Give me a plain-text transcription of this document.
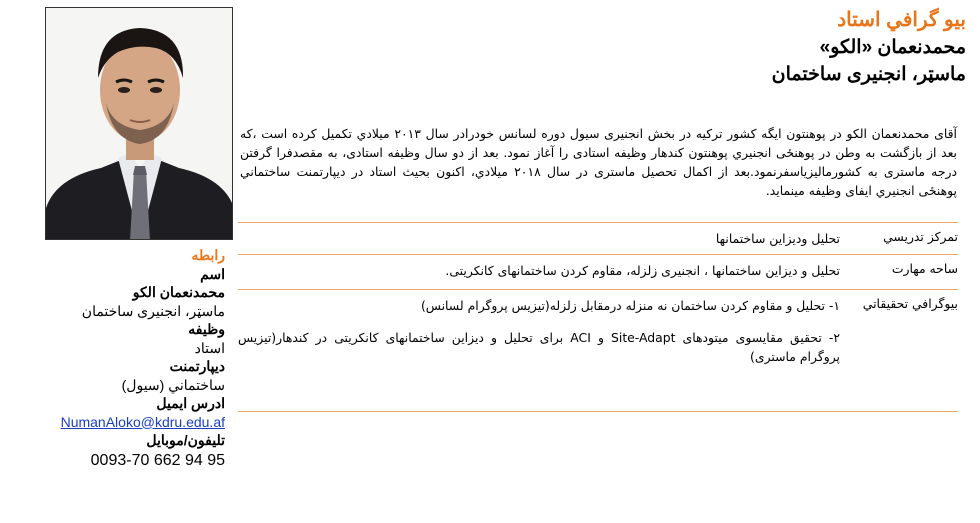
رابطه
اسم
محمدنعمان الکو
ماسټر، انجنیری ساختمان
وظیفه
استاد
دیپارتمنت
ساختماني (سیول)
ادرس ایمیل
NumanAloko@kdru.edu.af
تلیفون/موبایل
0093-70 662 94 95
بيو گرافي استاد
محمدنعمان «الکو»
ماسټر، انجنیری ساختمان
آقای محمدنعمان الکو در پوهنتون ایگه کشور ترکیه در بخش انجنیری سیول دوره لسانس خودرادر سال ۲۰۱۳ میلادي تکمیل کرده است ،که بعد از بازگشت به وطن در پوهنځی انجنیري پوهنتون کندهار وظیفه استادی را آغاز نمود. بعد از دو سال وظیفه استادی، به مقصدفرا گرفتن درجه ماستری به کشورمالیزیاسفرنمود.بعد از اکمال تحصیل ماستری در سال ۲۰۱۸ میلادي، اکنون بحیث استاد در دیپارتمنت ساختماني پوهنځی انجنیري ایفای وظیفه مینماید.
تمرکز تدریسي
تحليل وديزاين ساختمانها
ساحه مهارت
تحلیل و دیزاین ساختمانها ، انجنیری زلزله، مقاوم کردن ساختمانهای کانکریتی.
بيوگرافي تحقيقاتي
۱- تحلیل و مقاوم کردن ساختمان نه منزله درمقابل زلزله(تیزیس پروگرام لسانس)
۲- تحقیق مقایسوی میتودهای Site-Adapt و ACI برای تحلیل و دیزاین ساختمانهای کانکریتی در کندهار(تیزیس پروگرام ماستری)
